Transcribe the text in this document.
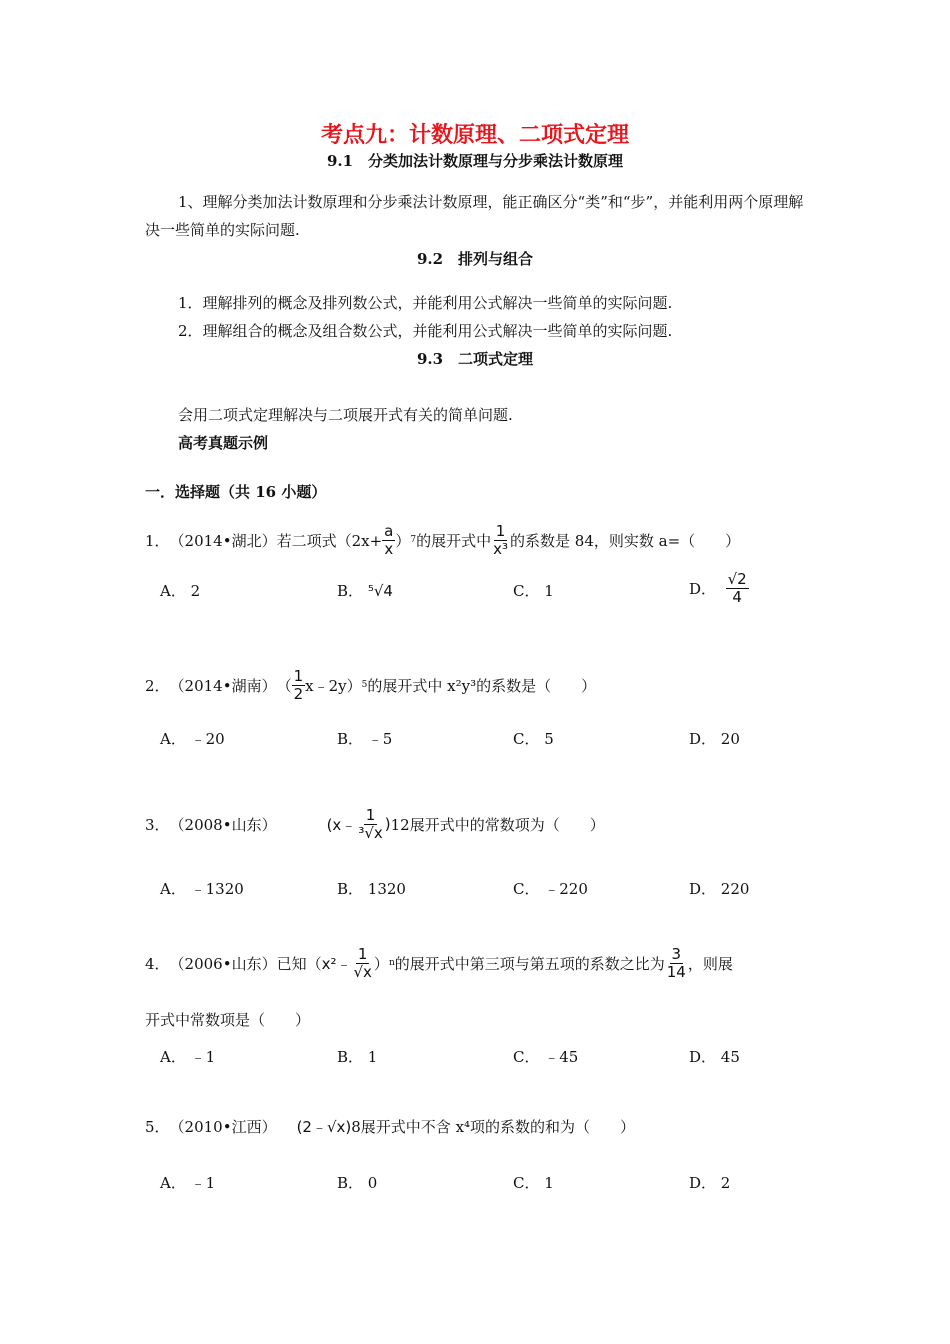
考点九：计数原理、二项式定理
9.1　分类加法计数原理与分步乘法计数原理
1、理解分类加法计数原理和分步乘法计数原理，能正确区分“类”和“步”，并能利用两个原理解决一些简单的实际问题.
9.2　排列与组合
1．理解排列的概念及排列数公式，并能利用公式解决一些简单的实际问题.
2．理解组合的概念及组合数公式，并能利用公式解决一些简单的实际问题.
9.3　二项式定理
会用二项式定理解决与二项展开式有关的简单问题.
高考真题示例
一．选择题（共 16 小题）
1． （2014•湖北） 若二项式（$2x+ \frac{a}{x}$ ） 7 的展开式中 $\frac{1}{\text{x³}}$ 的系数是 84，则实数 a=（　　）
A． 2	B． ⁵√4	C． 1	D．
$\frac{√2}{4}$
2． （2014•湖南） （ $\frac{1}{2}$ x﹣2y） 5 的展开式中 x²y³的系数是（　　）
A． ﹣20	B． ﹣5	C． 5	D． 20
3． （2008•山东）	(x﹣ $\frac{1}{\text{³√x}}$ ) 12展开式中的常数项为（　　）
A． ﹣1320	B． 1320	C． ﹣220	D． 220
4． （2006•山东） 已知（ x²﹣ $\frac{1}{√x}$ ） n 的展开式中第三项与第五项的系数之比为 $\frac{3}{14}$ ，则展
开式中常数项是（　　）
A． ﹣1	B． 1	C． ﹣45	D． 45
5． （2010•江西） (2﹣√x) 8展开式中不含 x⁴项的系数的和为（　　）
A． ﹣1	B． 0	C． 1	D． 2
